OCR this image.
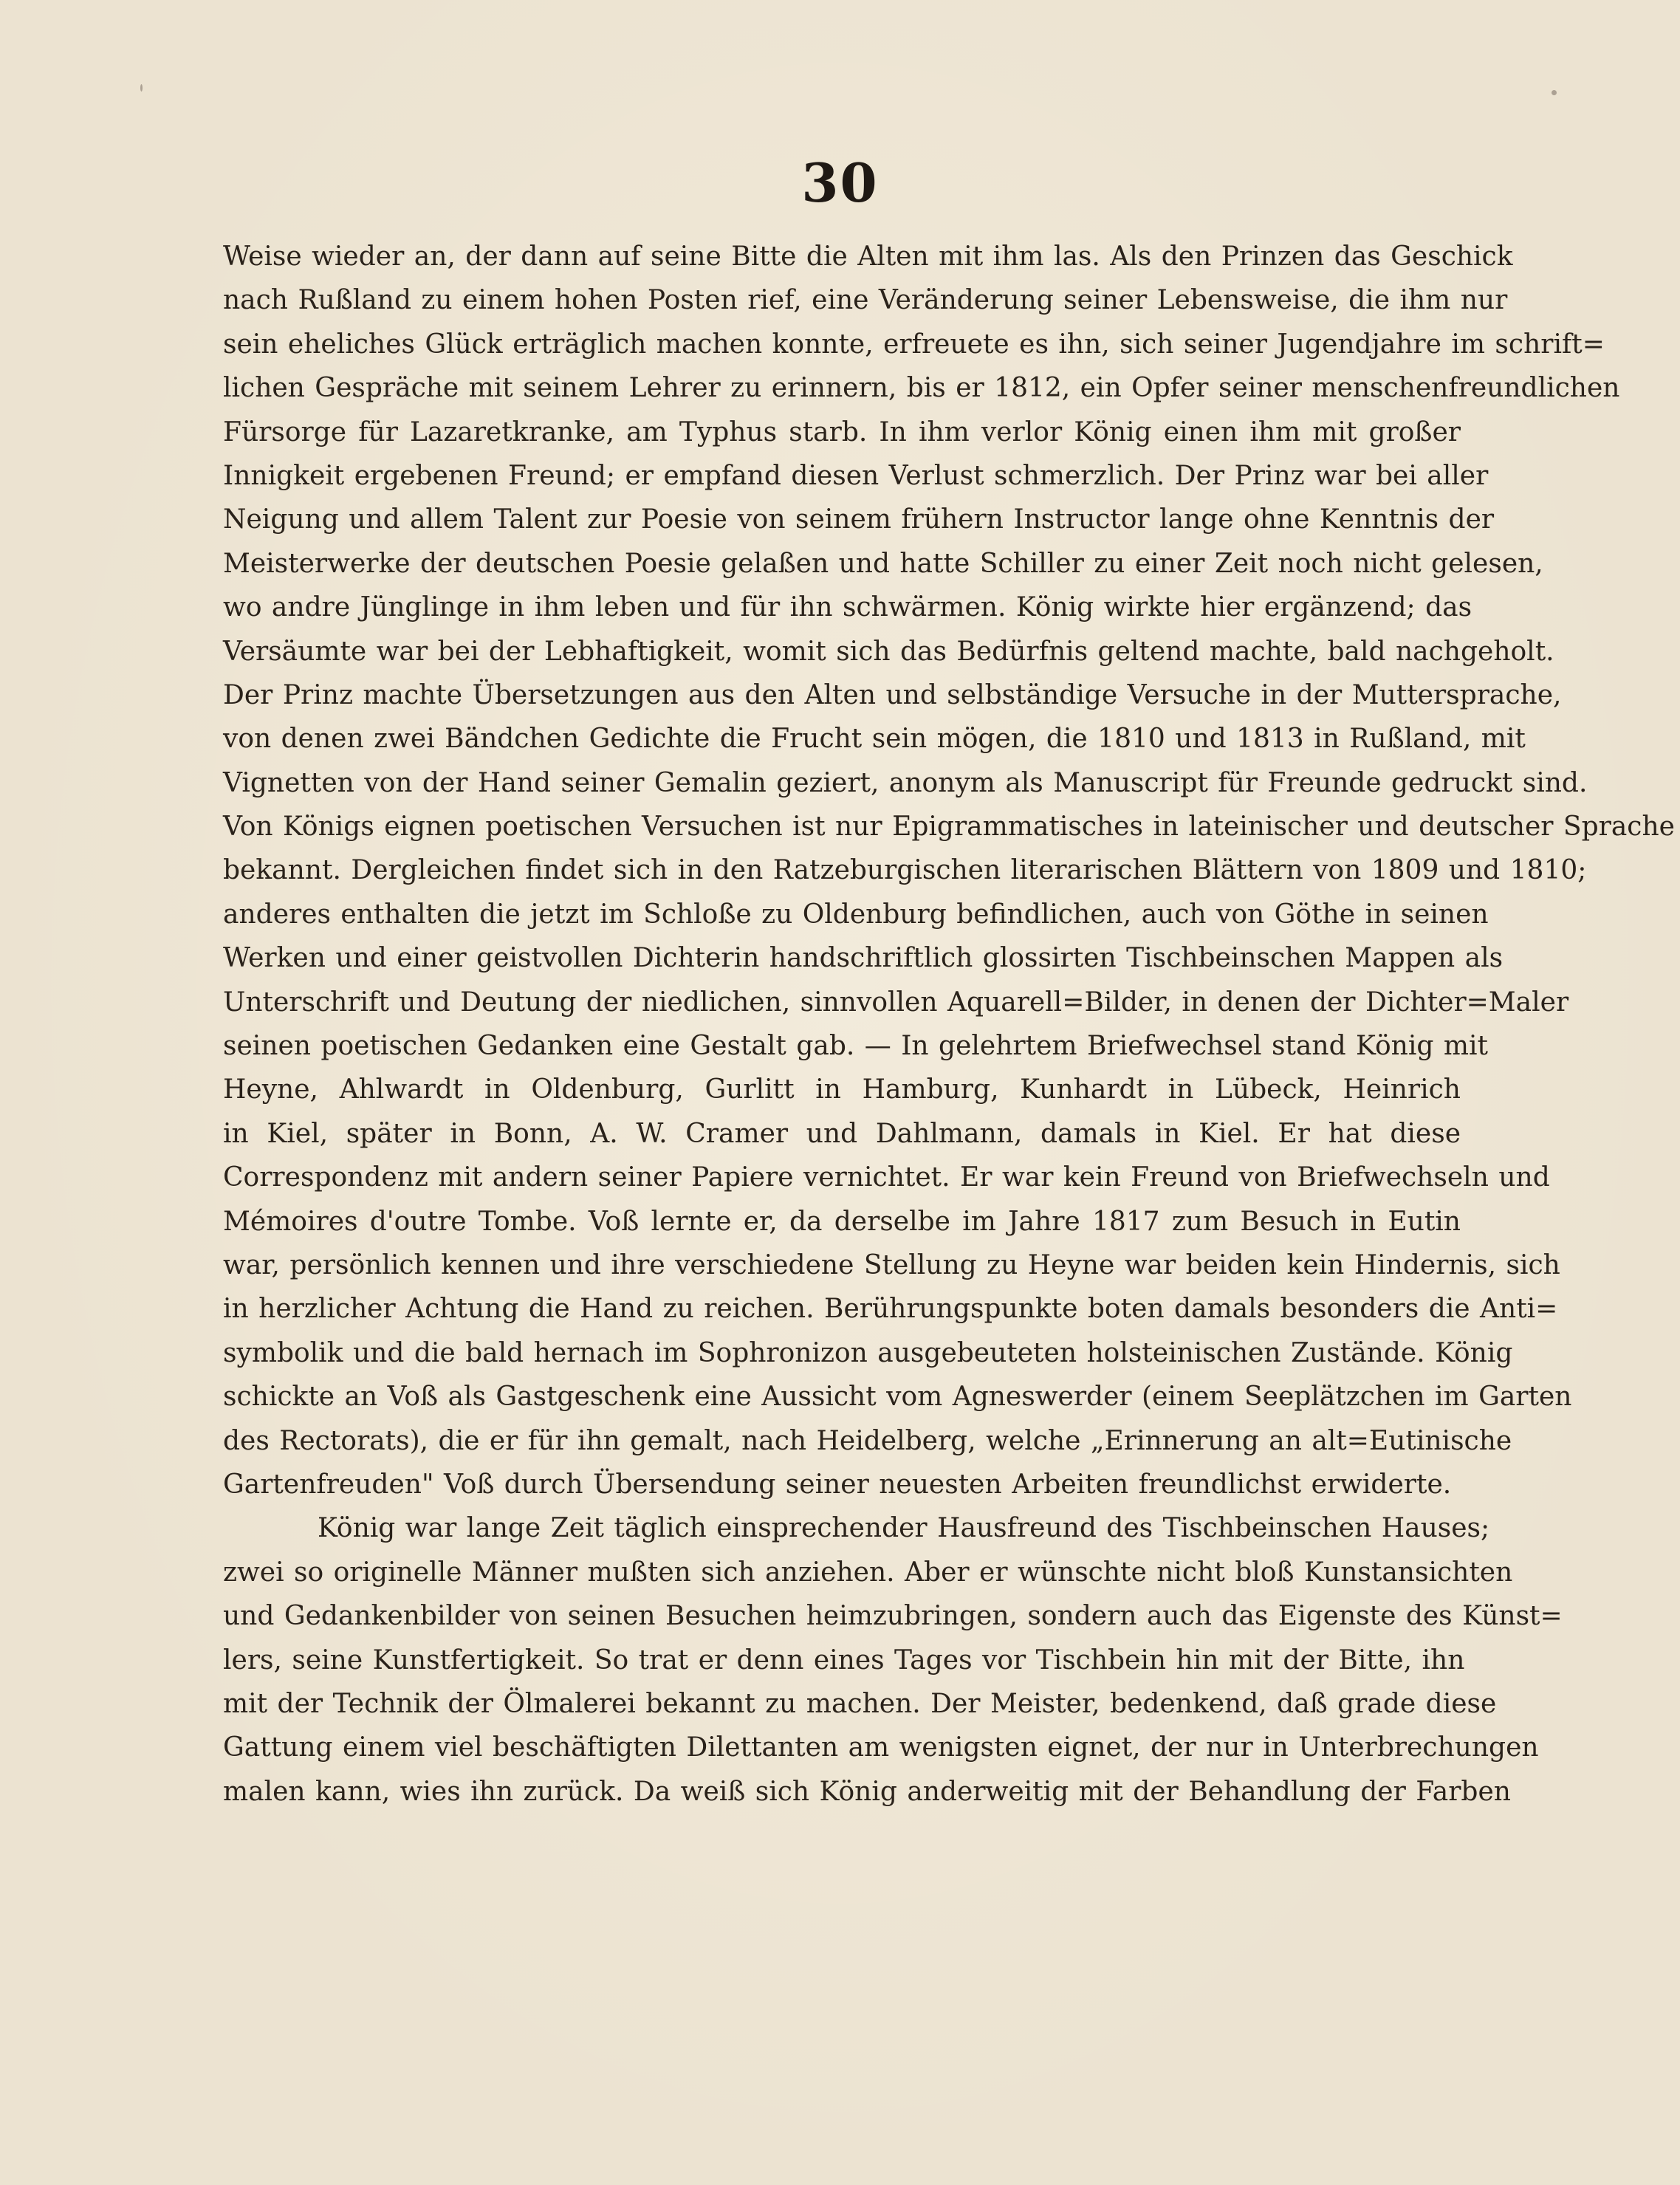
30
Weise wieder an, der dann auf seine Bitte die Alten mit ihm las. Als den Prinzen das Geschick
nach Rußland zu einem hohen Posten rief, eine Veränderung seiner Lebensweise, die ihm nur
sein eheliches Glück erträglich machen konnte, erfreuete es ihn, sich seiner Jugendjahre im schrift=
lichen Gespräche mit seinem Lehrer zu erinnern, bis er 1812, ein Opfer seiner menschenfreundlichen
Fürsorge für Lazaretkranke, am Typhus starb. In ihm verlor König einen ihm mit großer
Innigkeit ergebenen Freund; er empfand diesen Verlust schmerzlich. Der Prinz war bei aller
Neigung und allem Talent zur Poesie von seinem frühern Instructor lange ohne Kenntnis der
Meisterwerke der deutschen Poesie gelaßen und hatte Schiller zu einer Zeit noch nicht gelesen,
wo andre Jünglinge in ihm leben und für ihn schwärmen. König wirkte hier ergänzend; das
Versäumte war bei der Lebhaftigkeit, womit sich das Bedürfnis geltend machte, bald nachgeholt.
Der Prinz machte Übersetzungen aus den Alten und selbständige Versuche in der Muttersprache,
von denen zwei Bändchen Gedichte die Frucht sein mögen, die 1810 und 1813 in Rußland, mit
Vignetten von der Hand seiner Gemalin geziert, anonym als Manuscript für Freunde gedruckt sind.
Von Königs eignen poetischen Versuchen ist nur Epigrammatisches in lateinischer und deutscher Sprache
bekannt. Dergleichen findet sich in den Ratzeburgischen literarischen Blättern von 1809 und 1810;
anderes enthalten die jetzt im Schloße zu Oldenburg befindlichen, auch von Göthe in seinen
Werken und einer geistvollen Dichterin handschriftlich glossirten Tischbeinschen Mappen als
Unterschrift und Deutung der niedlichen, sinnvollen Aquarell=Bilder, in denen der Dichter=Maler
seinen poetischen Gedanken eine Gestalt gab. — In gelehrtem Briefwechsel stand König mit
Heyne, Ahlwardt in Oldenburg, Gurlitt in Hamburg, Kunhardt in Lübeck, Heinrich
in Kiel, später in Bonn, A. W. Cramer und Dahlmann, damals in Kiel. Er hat diese
Correspondenz mit andern seiner Papiere vernichtet. Er war kein Freund von Briefwechseln und
Mémoires d'outre Tombe. Voß lernte er, da derselbe im Jahre 1817 zum Besuch in Eutin
war, persönlich kennen und ihre verschiedene Stellung zu Heyne war beiden kein Hindernis, sich
in herzlicher Achtung die Hand zu reichen. Berührungspunkte boten damals besonders die Anti=
symbolik und die bald hernach im Sophronizon ausgebeuteten holsteinischen Zustände. König
schickte an Voß als Gastgeschenk eine Aussicht vom Agneswerder (einem Seeplätzchen im Garten
des Rectorats), die er für ihn gemalt, nach Heidelberg, welche „Erinnerung an alt=Eutinische
Gartenfreuden" Voß durch Übersendung seiner neuesten Arbeiten freundlichst erwiderte.
König war lange Zeit täglich einsprechender Hausfreund des Tischbeinschen Hauses;
zwei so originelle Männer mußten sich anziehen. Aber er wünschte nicht bloß Kunstansichten
und Gedankenbilder von seinen Besuchen heimzubringen, sondern auch das Eigenste des Künst=
lers, seine Kunstfertigkeit. So trat er denn eines Tages vor Tischbein hin mit der Bitte, ihn
mit der Technik der Ölmalerei bekannt zu machen. Der Meister, bedenkend, daß grade diese
Gattung einem viel beschäftigten Dilettanten am wenigsten eignet, der nur in Unterbrechungen
malen kann, wies ihn zurück. Da weiß sich König anderweitig mit der Behandlung der Farben
